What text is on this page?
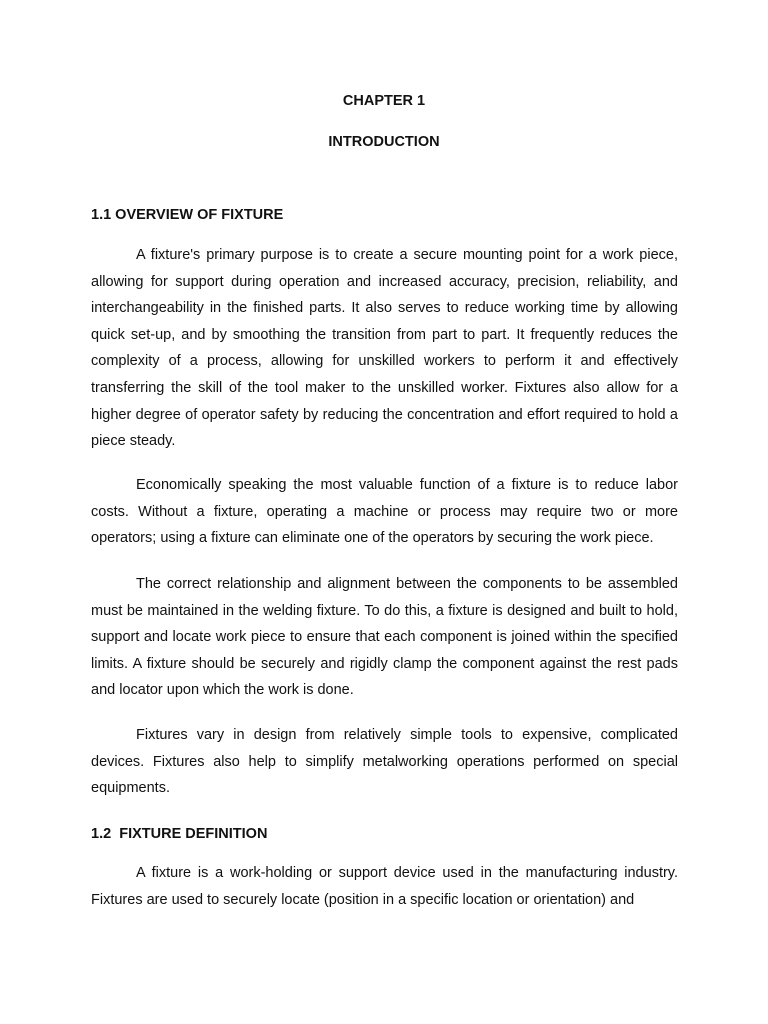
CHAPTER 1
INTRODUCTION
1.1 OVERVIEW OF FIXTURE

A fixture's primary purpose is to create a secure mounting point for a work piece, allowing for support during operation and increased accuracy, precision, reliability, and interchangeability in the finished parts. It also serves to reduce working time by allowing quick set-up, and by smoothing the transition from part to part. It frequently reduces the complexity of a process, allowing for unskilled workers to perform it and effectively transferring the skill of the tool maker to the unskilled worker. Fixtures also allow for a higher degree of operator safety by reducing the concentration and effort required to hold a piece steady.

Economically speaking the most valuable function of a fixture is to reduce labor costs. Without a fixture, operating a machine or process may require two or more operators; using a fixture can eliminate one of the operators by securing the work piece.

The correct relationship and alignment between the components to be assembled must be maintained in the welding fixture. To do this, a fixture is designed and built to hold, support and locate work piece to ensure that each component is joined within the specified limits. A fixture should be securely and rigidly clamp the component against the rest pads and locator upon which the work is done.

Fixtures vary in design from relatively simple tools to expensive, complicated devices. Fixtures also help to simplify metalworking operations performed on special equipments.

1.2  FIXTURE DEFINITION

A fixture is a work-holding or support device used in the manufacturing industry. Fixtures are used to securely locate (position in a specific location or orientation) and
